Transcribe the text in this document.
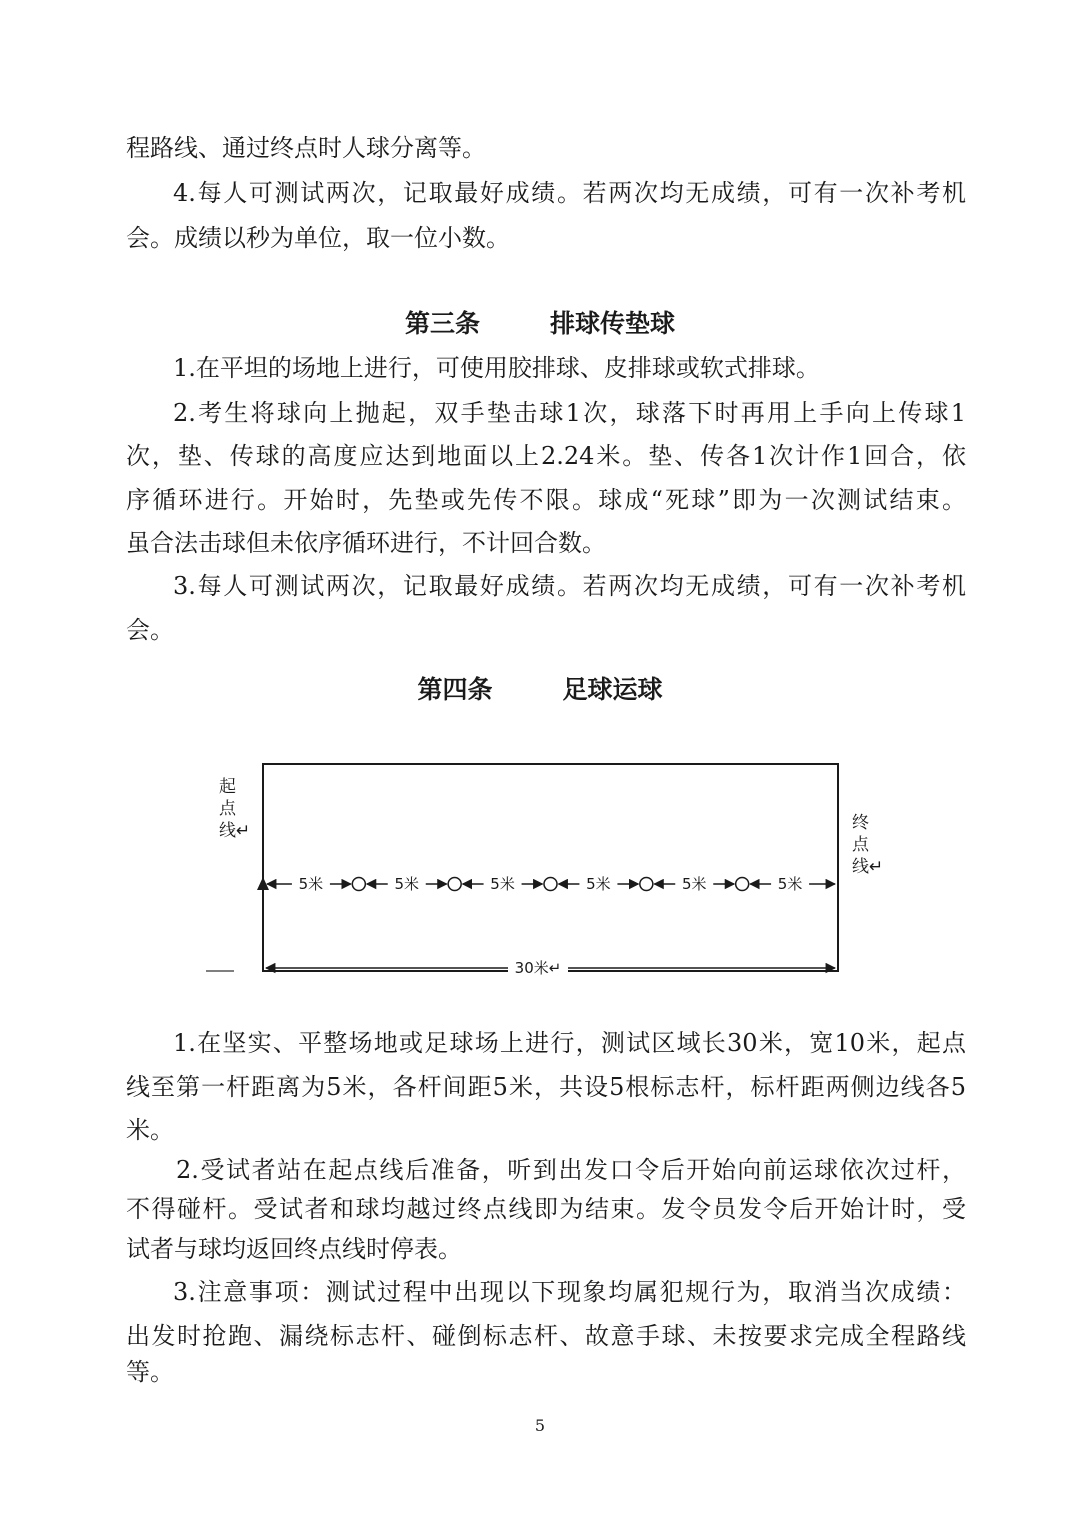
程路线、通过终点时人球分离等。
4.每人可测试两次，记取最好成绩。若两次均无成绩，可有一次补考机
会。成绩以秒为单位，取一位小数。
第三条	排球传垫球
1.在平坦的场地上进行，可使用胶排球、皮排球或软式排球。
2.考生将球向上抛起，双手垫击球1次，球落下时再用上手向上传球1
次，垫、传球的高度应达到地面以上2.24米。垫、传各1次计作1回合，依
序循环进行。开始时，先垫或先传不限。球成“死球”即为一次测试结束。
虽合法击球但未依序循环进行，不计回合数。
3.每人可测试两次，记取最好成绩。若两次均无成绩，可有一次补考机
会。
第四条	足球运球
起
点
线↵	终
点
线↵
5米	5米	5米	5米	5米	5米
30米↵
1.在坚实、平整场地或足球场上进行，测试区域长30米，宽10米，起点
线至第一杆距离为5米，各杆间距5米，共设5根标志杆，标杆距两侧边线各5
米。
2.受试者站在起点线后准备，听到出发口令后开始向前运球依次过杆，
不得碰杆。受试者和球均越过终点线即为结束。发令员发令后开始计时，受
试者与球均返回终点线时停表。
3.注意事项：测试过程中出现以下现象均属犯规行为，取消当次成绩：
出发时抢跑、漏绕标志杆、碰倒标志杆、故意手球、未按要求完成全程路线
等。
5
